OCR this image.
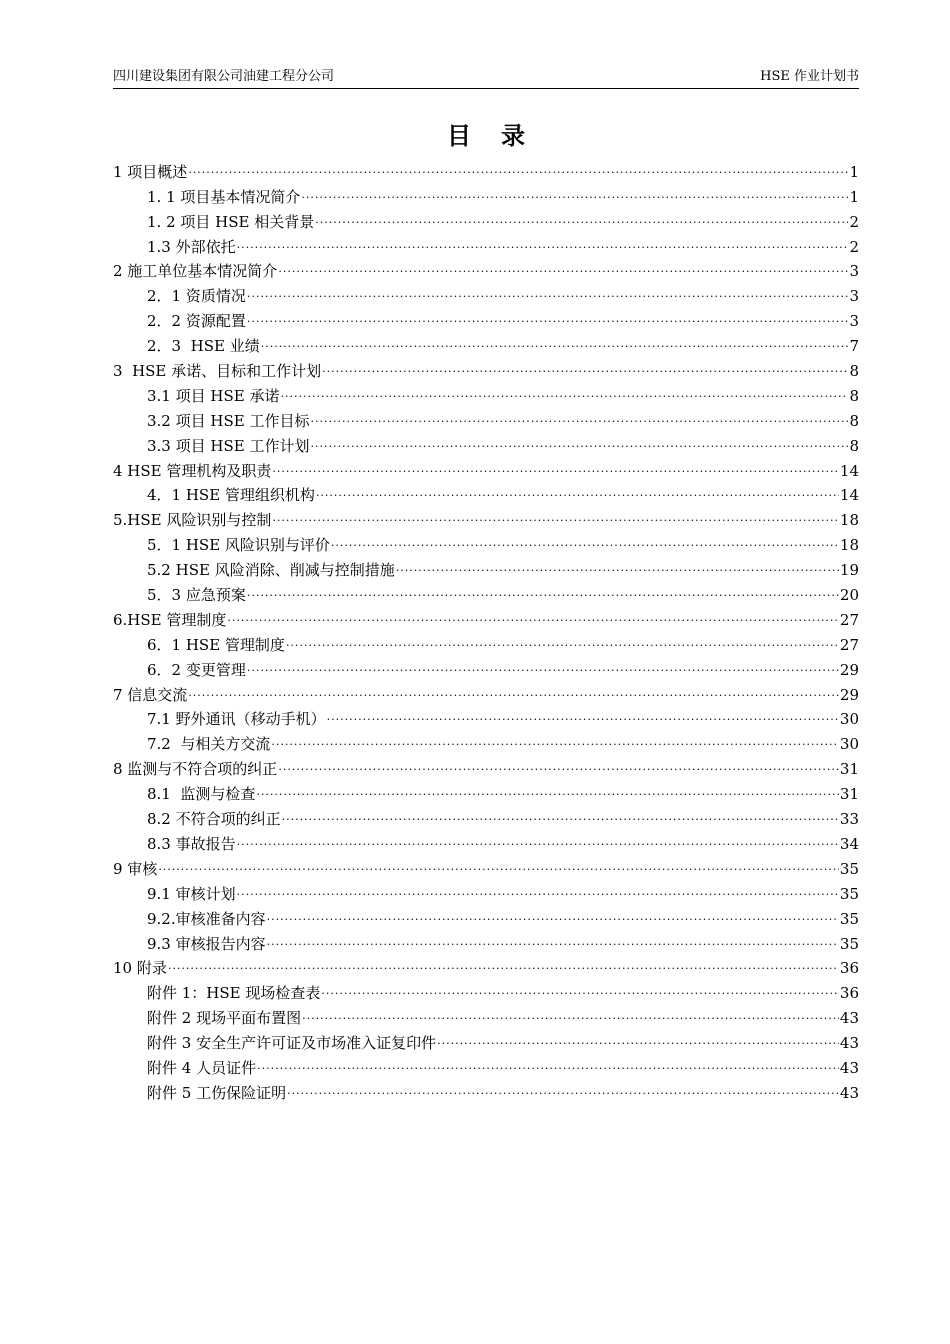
四川建设集团有限公司油建工程分公司	HSE 作业计划书
目录
1 项目概述 .....	1
1. 1 项目基本情况简介 .....	1
1. 2 项目 HSE 相关背景 .....	2
1.3 外部依托 .....	2
2 施工单位基本情况简介 .....	3
2．1 资质情况 .....	3
2．2 资源配置 .....	3
2．3  HSE 业绩 .....	7
3  HSE 承诺、目标和工作计划 .....	8
3.1 项目 HSE 承诺 .....	8
3.2 项目 HSE 工作目标 .....	8
3.3 项目 HSE 工作计划 .....	8
4 HSE 管理机构及职责 .....	14
4．1 HSE 管理组织机构 .....	14
5.HSE 风险识别与控制 .....	18
5．1 HSE 风险识别与评价 .....	18
5.2 HSE 风险消除、削减与控制措施 .....	19
5．3 应急预案 .....	20
6.HSE 管理制度 .....	27
6．1 HSE 管理制度 .....	27
6．2 变更管理 .....	29
7 信息交流 .....	29
7.1 野外通讯（移动手机） .....	30
7.2  与相关方交流 .....	30
8 监测与不符合项的纠正 .....	31
8.1  监测与检查 .....	31
8.2 不符合项的纠正 .....	33
8.3 事故报告 .....	34
9 审核 .....	35
9.1 审核计划 .....	35
9.2.审核准备内容 .....	35
9.3 审核报告内容 .....	35
10 附录 .....	36
附件 1：HSE 现场检查表 .....	36
附件 2 现场平面布置图 .....	43
附件 3 安全生产许可证及市场准入证复印件 .....	43
附件 4 人员证件 .....	43
附件 5 工伤保险证明 .....	43
